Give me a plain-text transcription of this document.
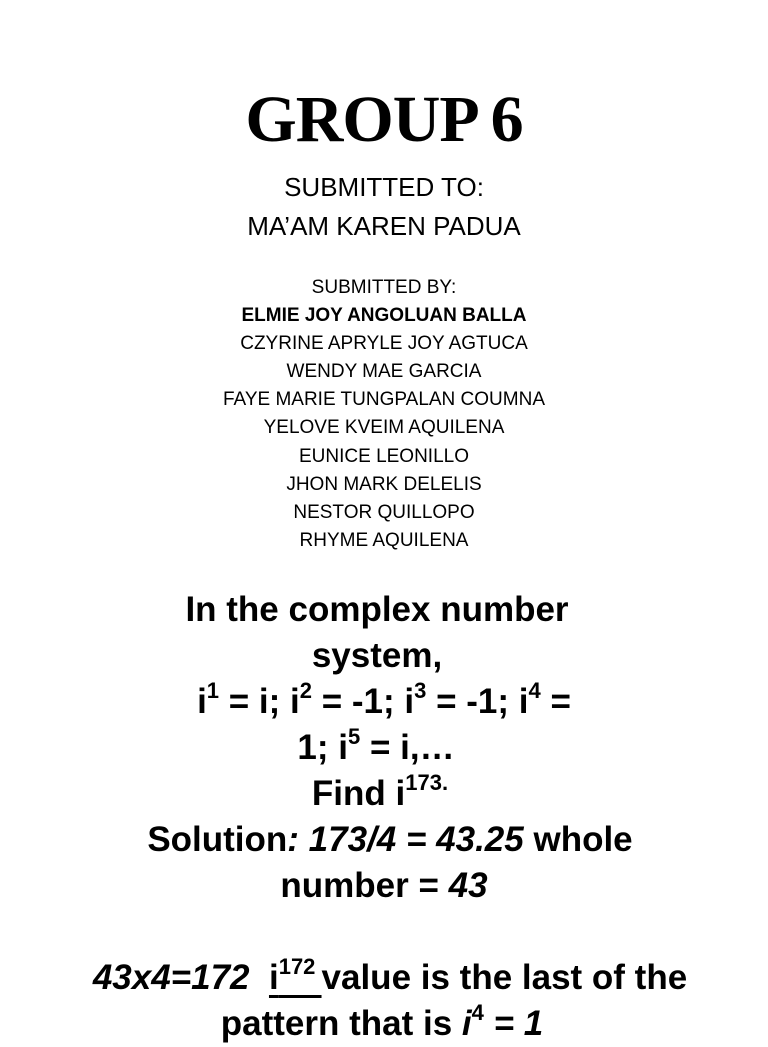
GROUP 6
SUBMITTED TO:
MA’AM KAREN PADUA
SUBMITTED BY:
ELMIE JOY ANGOLUAN BALLA
CZYRINE APRYLE JOY AGTUCA
WENDY MAE GARCIA
FAYE MARIE TUNGPALAN COUMNA
YELOVE KVEIM AQUILENA
EUNICE LEONILLO
JHON MARK DELELIS
NESTOR QUILLOPO
RHYME AQUILENA
In the complex number
system,
$i^1 = i$; $i^2 = -1$; $i^3 = -1$; $i^4$ =
1; $i^5$ = i,…
Find $i^{173.}$
Solution: 173/4 = 43.25 whole
number = 43
43x4=172 $i^{172}$ value is the last of the
pattern that is $i^4 = 1$
